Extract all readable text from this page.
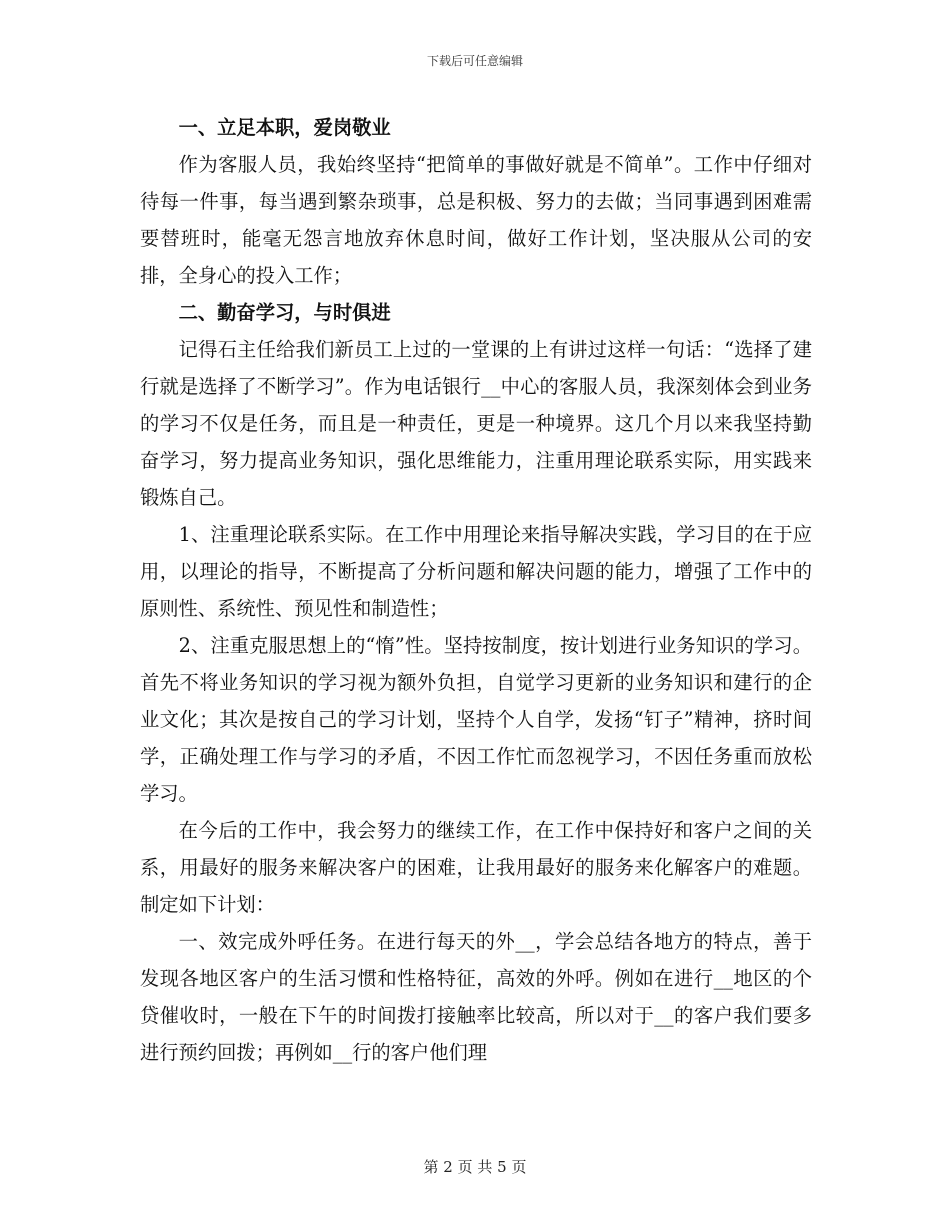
下载后可任意编辑

一、立足本职，爱岗敬业

作为客服人员，我始终坚持“把简单的事做好就是不简单”。工作中仔细对待每一件事，每当遇到繁杂琐事，总是积极、努力的去做；当同事遇到困难需要替班时，能毫无怨言地放弃休息时间，做好工作计划，坚决服从公司的安排，全身心的投入工作；

二、勤奋学习，与时俱进

记得石主任给我们新员工上过的一堂课的上有讲过这样一句话：“选择了建行就是选择了不断学习”。作为电话银行__中心的客服人员，我深刻体会到业务的学习不仅是任务，而且是一种责任，更是一种境界。这几个月以来我坚持勤奋学习，努力提高业务知识，强化思维能力，注重用理论联系实际，用实践来锻炼自己。

1、注重理论联系实际。在工作中用理论来指导解决实践，学习目的在于应用，以理论的指导，不断提高了分析问题和解决问题的能力，增强了工作中的原则性、系统性、预见性和制造性；

2、注重克服思想上的“惰”性。坚持按制度，按计划进行业务知识的学习。首先不将业务知识的学习视为额外负担，自觉学习更新的业务知识和建行的企业文化；其次是按自己的学习计划，坚持个人自学，发扬“钉子”精神，挤时间学，正确处理工作与学习的矛盾，不因工作忙而忽视学习，不因任务重而放松学习。

在今后的工作中，我会努力的继续工作，在工作中保持好和客户之间的关系，用最好的服务来解决客户的困难，让我用最好的服务来化解客户的难题。制定如下计划：

一、效完成外呼任务。在进行每天的外__，学会总结各地方的特点，善于发现各地区客户的生活习惯和性格特征，高效的外呼。例如在进行__地区的个贷催收时，一般在下午的时间拨打接触率比较高，所以对于__的客户我们要多进行预约回拨；再例如__行的客户他们理

第 2 页 共 5 页
